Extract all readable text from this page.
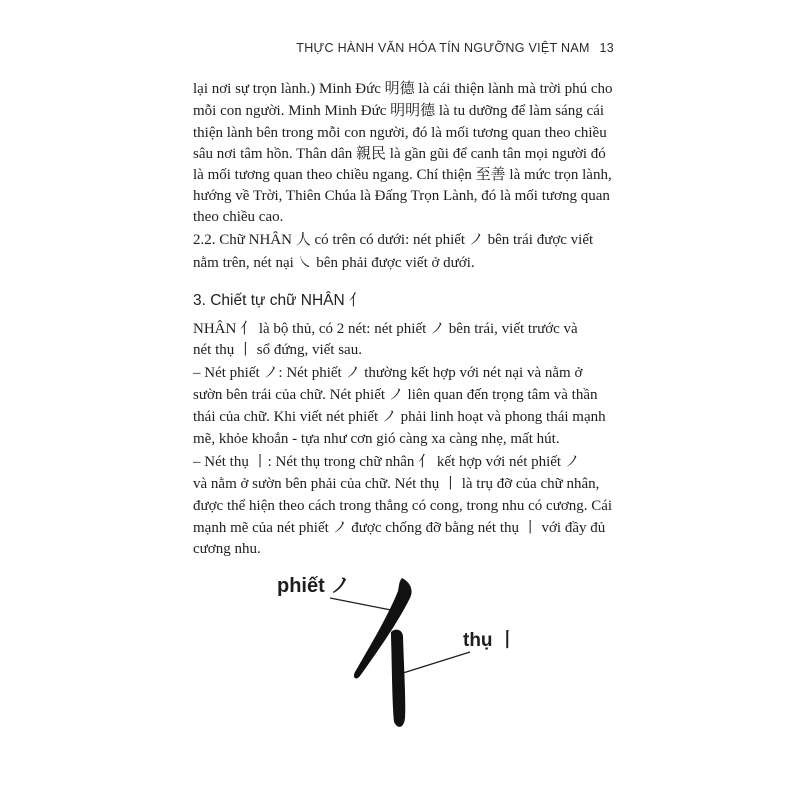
THỰC HÀNH VĂN HÓA TÍN NGƯỠNG VIỆT NAM 13
lại nơi sự trọn lành.) Minh Đức 明德 là cái thiện lành mà trời phú cho
mỗi con người. Minh Minh Đức 明明德 là tu dưỡng để làm sáng cái
thiện lành bên trong mỗi con người, đó là mối tương quan theo chiều
sâu nơi tâm hồn. Thân dân 親民 là gần gũi để canh tân mọi người đó
là mối tương quan theo chiều ngang. Chí thiện 至善 là mức trọn lành,
hướng về Trời, Thiên Chúa là Đấng Trọn Lành, đó là mối tương quan
theo chiều cao.
2.2. Chữ NHÂN 人 có trên có dưới: nét phiết ノ bên trái được viết
nằm trên, nét nại ㇏ bên phải được viết ở dưới.
3. Chiết tự chữ NHÂN 亻
NHÂN 亻 là bộ thủ, có 2 nét: nét phiết ノ bên trái, viết trước và
nét thụ 丨 sổ đứng, viết sau.
– Nét phiết ノ: Nét phiết ノ thường kết hợp với nét nại và nằm ở
sườn bên trái của chữ. Nét phiết ノ liên quan đến trọng tâm và thần
thái của chữ. Khi viết nét phiết ノ phải linh hoạt và phong thái mạnh
mẽ, khỏe khoắn - tựa như cơn gió càng xa càng nhẹ, mất hút.
– Nét thụ 丨: Nét thụ trong chữ nhân 亻 kết hợp với nét phiết ノ
và nằm ở sườn bên phải của chữ. Nét thụ 丨 là trụ đỡ của chữ nhân,
được thể hiện theo cách trong thẳng có cong, trong nhu có cương. Cái
mạnh mẽ của nét phiết ノ được chống đỡ bằng nét thụ 丨 với đầy đủ
cương nhu.
phiết ノ
thụ 丨
